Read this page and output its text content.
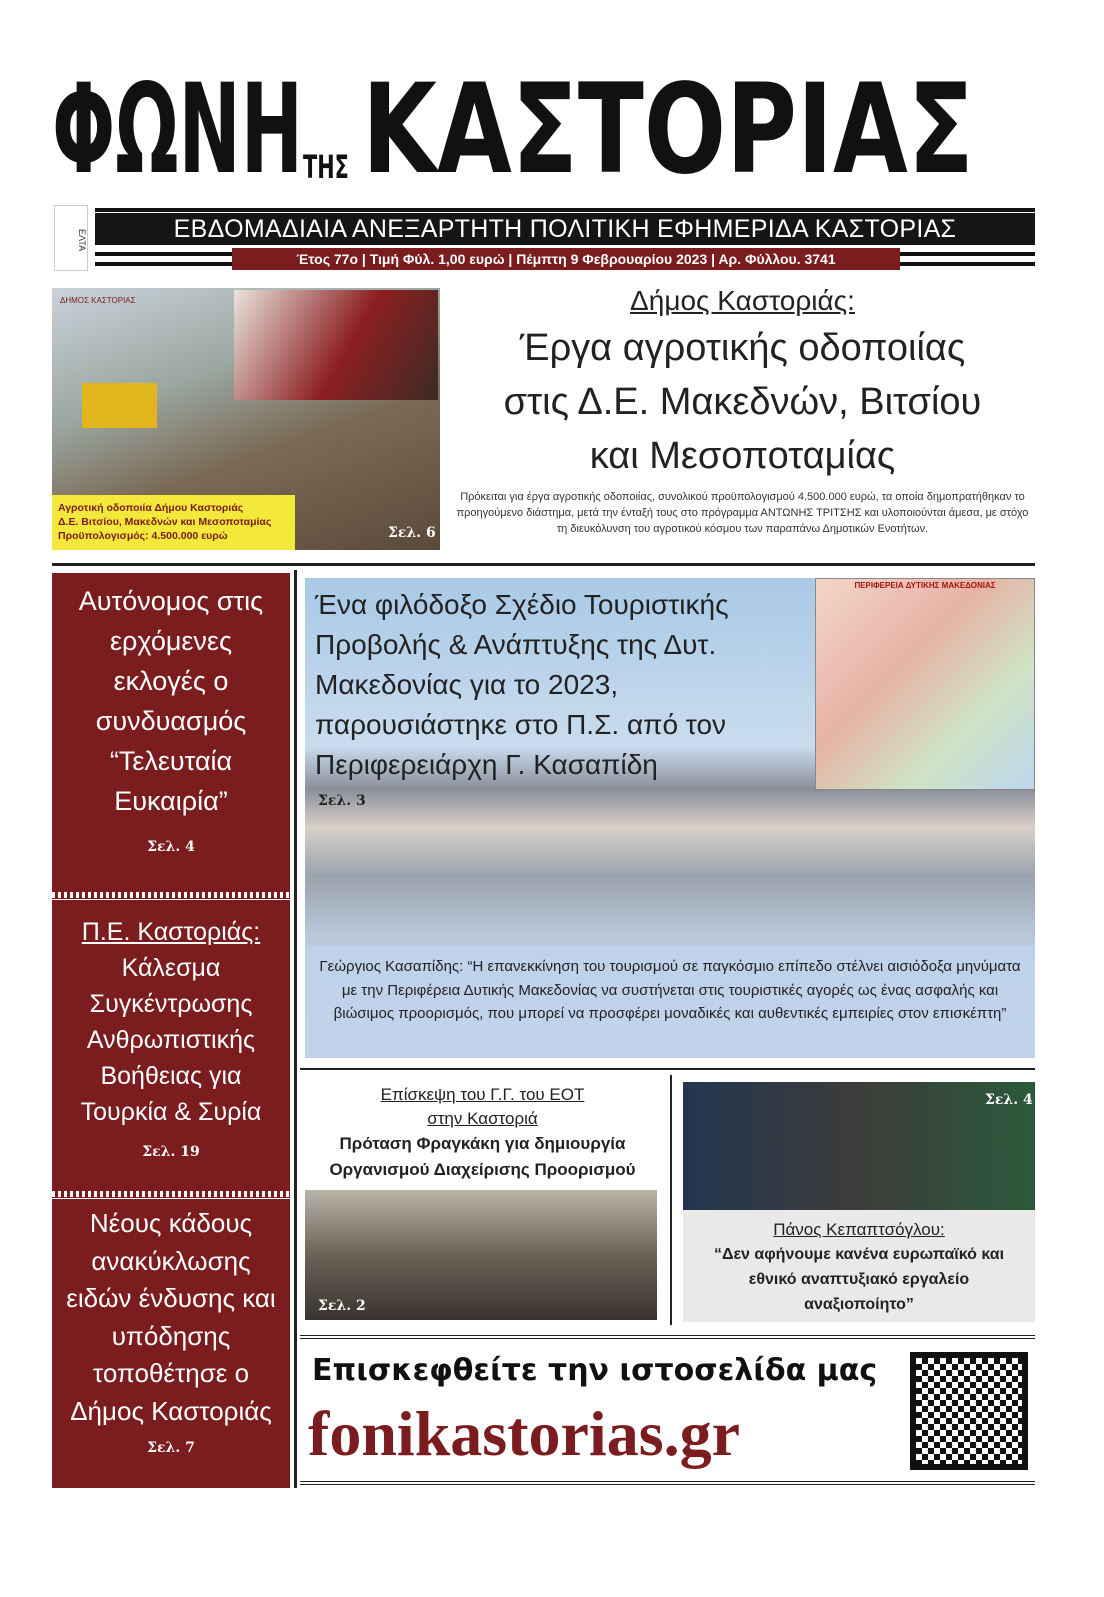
ΦΩΝΗ ΤΗΣ ΚΑΣΤΟΡΙΑΣ
ΕΛΤΑ	ΕΒΔΟΜΑΔΙΑΙΑ ΑΝΕΞΑΡΤΗΤΗ ΠΟΛΙΤΙΚΗ ΕΦΗΜΕΡΙΔΑ ΚΑΣΤΟΡΙΑΣ
Έτος 77ο | Τιμή Φύλ. 1,00 ευρώ | Πέμπτη 9 Φεβρουαρίου 2023 | Αρ. Φύλλου. 3741
ΔΗΜΟΣ ΚΑΣΤΟΡΙΑΣ
Αγροτική οδοποιία Δήμου Καστοριάς
Δ.Ε. Βιτσίου, Μακεδνών και Μεσοποταμίας
Προϋπολογισμός: 4.500.000 ευρώ	Σελ. 6
Δήμος Καστοριάς:
Έργα αγροτικής οδοποιίας
στις Δ.Ε. Μακεδνών, Βιτσίου
και Μεσοποταμίας
Πρόκειται για έργα αγροτικής οδοποιίας, συνολικού προϋπολογισμού 4.500.000 ευρώ, τα οποία δημοπρατήθηκαν το προηγούμενο διάστημα, μετά την ένταξή τους στο πρόγραμμα ΑΝΤΩΝΗΣ ΤΡΙΤΣΗΣ και υλοποιούνται άμεσα, με στόχο τη διευκόλυνση του αγροτικού κόσμου των παραπάνω Δημοτικών Ενοτήτων.
Αυτόνομος στις ερχόμενες εκλογές ο συνδυασμός “Τελευταία Ευκαιρία”
Σελ. 4
Π.Ε. Καστοριάς:
Κάλεσμα Συγκέντρωσης Ανθρωπιστικής Βοήθειας για Τουρκία & Συρία
Σελ. 19
Νέους κάδους ανακύκλωσης ειδών ένδυσης και υπόδησης τοποθέτησε ο Δήμος Καστοριάς
Σελ. 7
ΠΕΡΙΦΕΡΕΙΑ ΔΥΤΙΚΗΣ ΜΑΚΕΔΟΝΙΑΣ
Ένα φιλόδοξο Σχέδιο Τουριστικής Προβολής & Ανάπτυξης της Δυτ. Μακεδονίας για το 2023, παρουσιάστηκε στο Π.Σ. από τον Περιφερειάρχη Γ. Κασαπίδη
Σελ. 3
Γεώργιος Κασαπίδης: “Η επανεκκίνηση του τουρισμού σε παγκόσμιο επίπεδο στέλνει αισιόδοξα μηνύματα με την Περιφέρεια Δυτικής Μακεδονίας να συστήνεται στις τουριστικές αγορές ως ένας ασφαλής και βιώσιμος προορισμός, που μπορεί να προσφέρει μοναδικές και αυθεντικές εμπειρίες στον επισκέπτη”
Επίσκεψη του Γ.Γ. του ΕΟΤ
στην Καστοριά
Πρόταση Φραγκάκη για δημιουργία Οργανισμού Διαχείρισης Προορισμού
Σελ. 2
Σελ. 4
Πάνος Κεπαπτσόγλου:
“Δεν αφήνουμε κανένα ευρωπαϊκό και εθνικό αναπτυξιακό εργαλείο αναξιοποίητο”
Επισκεφθείτε την ιστοσελίδα μας
fonikastorias.gr
